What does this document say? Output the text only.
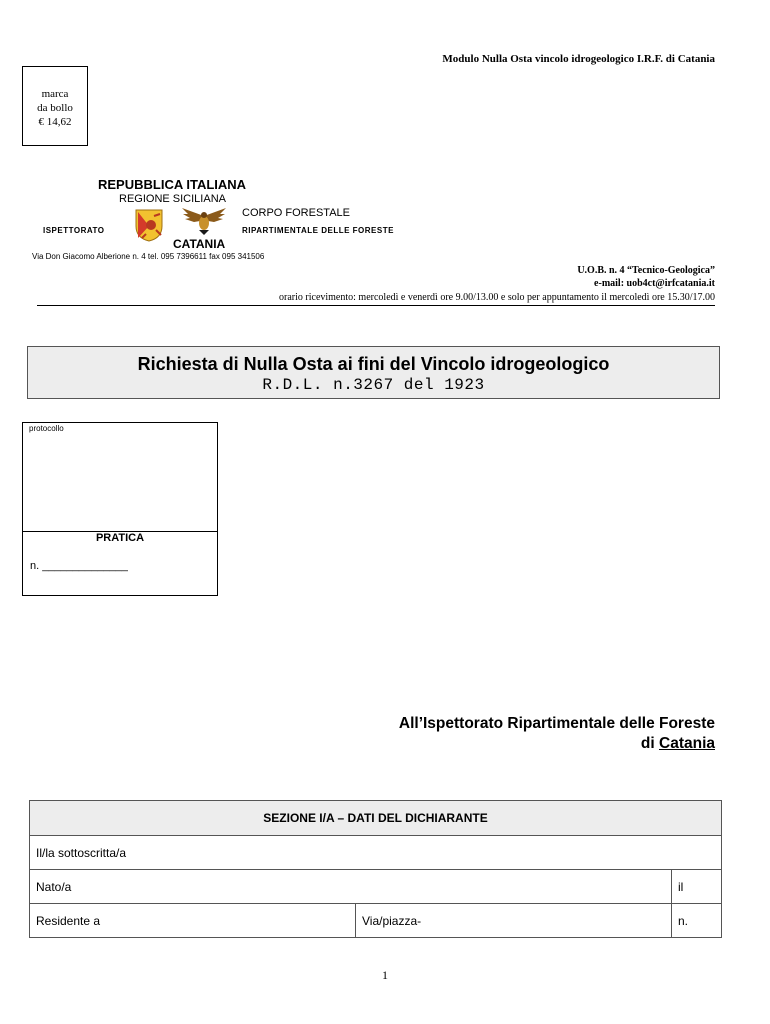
Modulo Nulla Osta vincolo idrogeologico I.R.F. di Catania
marca
da bollo
€ 14,62
REPUBBLICA ITALIANA
REGIONE SICILIANA
CORPO FORESTALE
ISPETTORATO	RIPARTIMENTALE DELLE FORESTE
CATANIA
Via Don Giacomo Alberione n. 4 tel. 095 7396611 fax 095 341506
U.O.B. n. 4 “Tecnico-Geologica”
e-mail: uob4ct@irfcatania.it
orario ricevimento: mercoledì e venerdì ore 9.00/13.00 e solo per appuntamento il mercoledì ore 15.30/17.00
Richiesta di Nulla Osta ai fini del Vincolo idrogeologico
R.D.L. n.3267 del 1923
protocollo
PRATICA
n. ______________
All’Ispettorato Ripartimentale delle Foreste
di Catania
SEZIONE I/A – DATI DEL DICHIARANTE		
Il/la sottoscritta/a		
Nato/a		il
Residente a	Via/piazza-	n.
1
